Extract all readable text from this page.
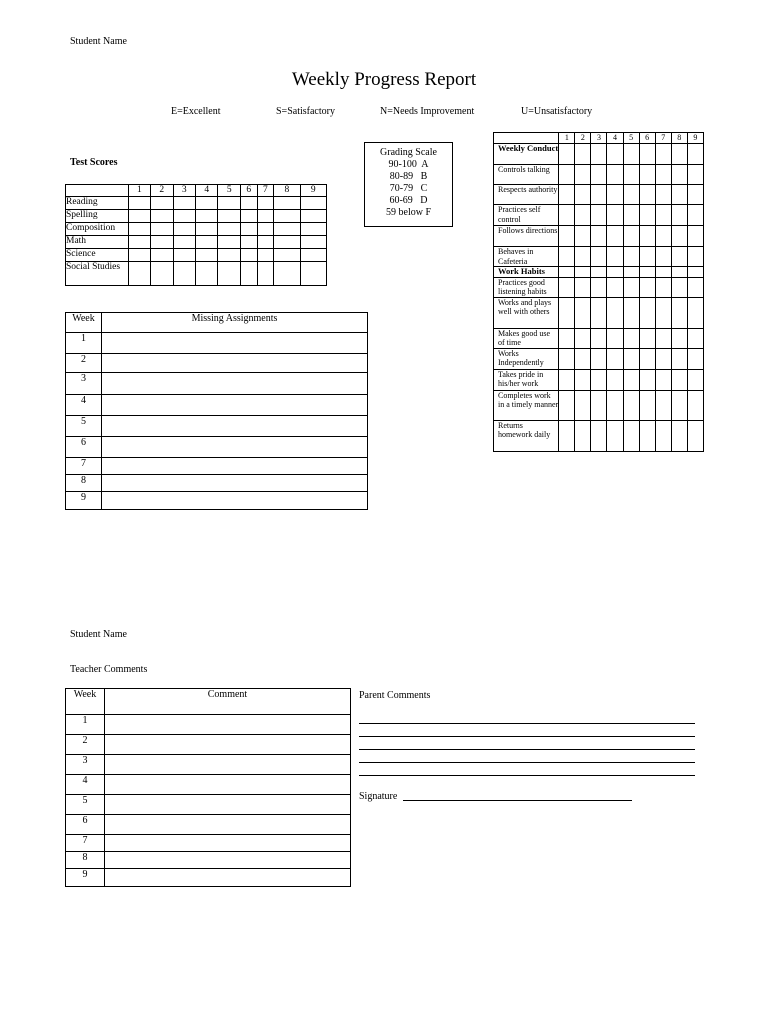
Student Name
Weekly Progress Report
E=Excellent	S=Satisfactory	N=Needs Improvement	U=Unsatisfactory
Grading Scale
90-100  A
80-89   B
70-79   C
60-69   D
59 below F
Test Scores
	1	2	3	4	5	6	7	8	9
Reading									
Spelling									
Composition									
Math									
Science									
Social Studies									
Week	Missing Assignments
1	
2	
3	
4	
5	
6	
7	
8	
9	
	1	2	3	4	5	6	7	8	9
Weekly Conduct									
Controls talking									
Respects authority									
Practices self control									
Follows directions									
Behaves in Cafeteria									
Work Habits									
Practices good listening habits									
Works and plays well with others									
Makes good use of time									
Works Independently									
Takes pride in his/her work									
Completes work in a timely manner									
Returns homework daily									
Student Name
Teacher Comments
Week	Comment
1	
2	
3	
4	
5	
6	
7	
8	
9	
Parent Comments
Signature
